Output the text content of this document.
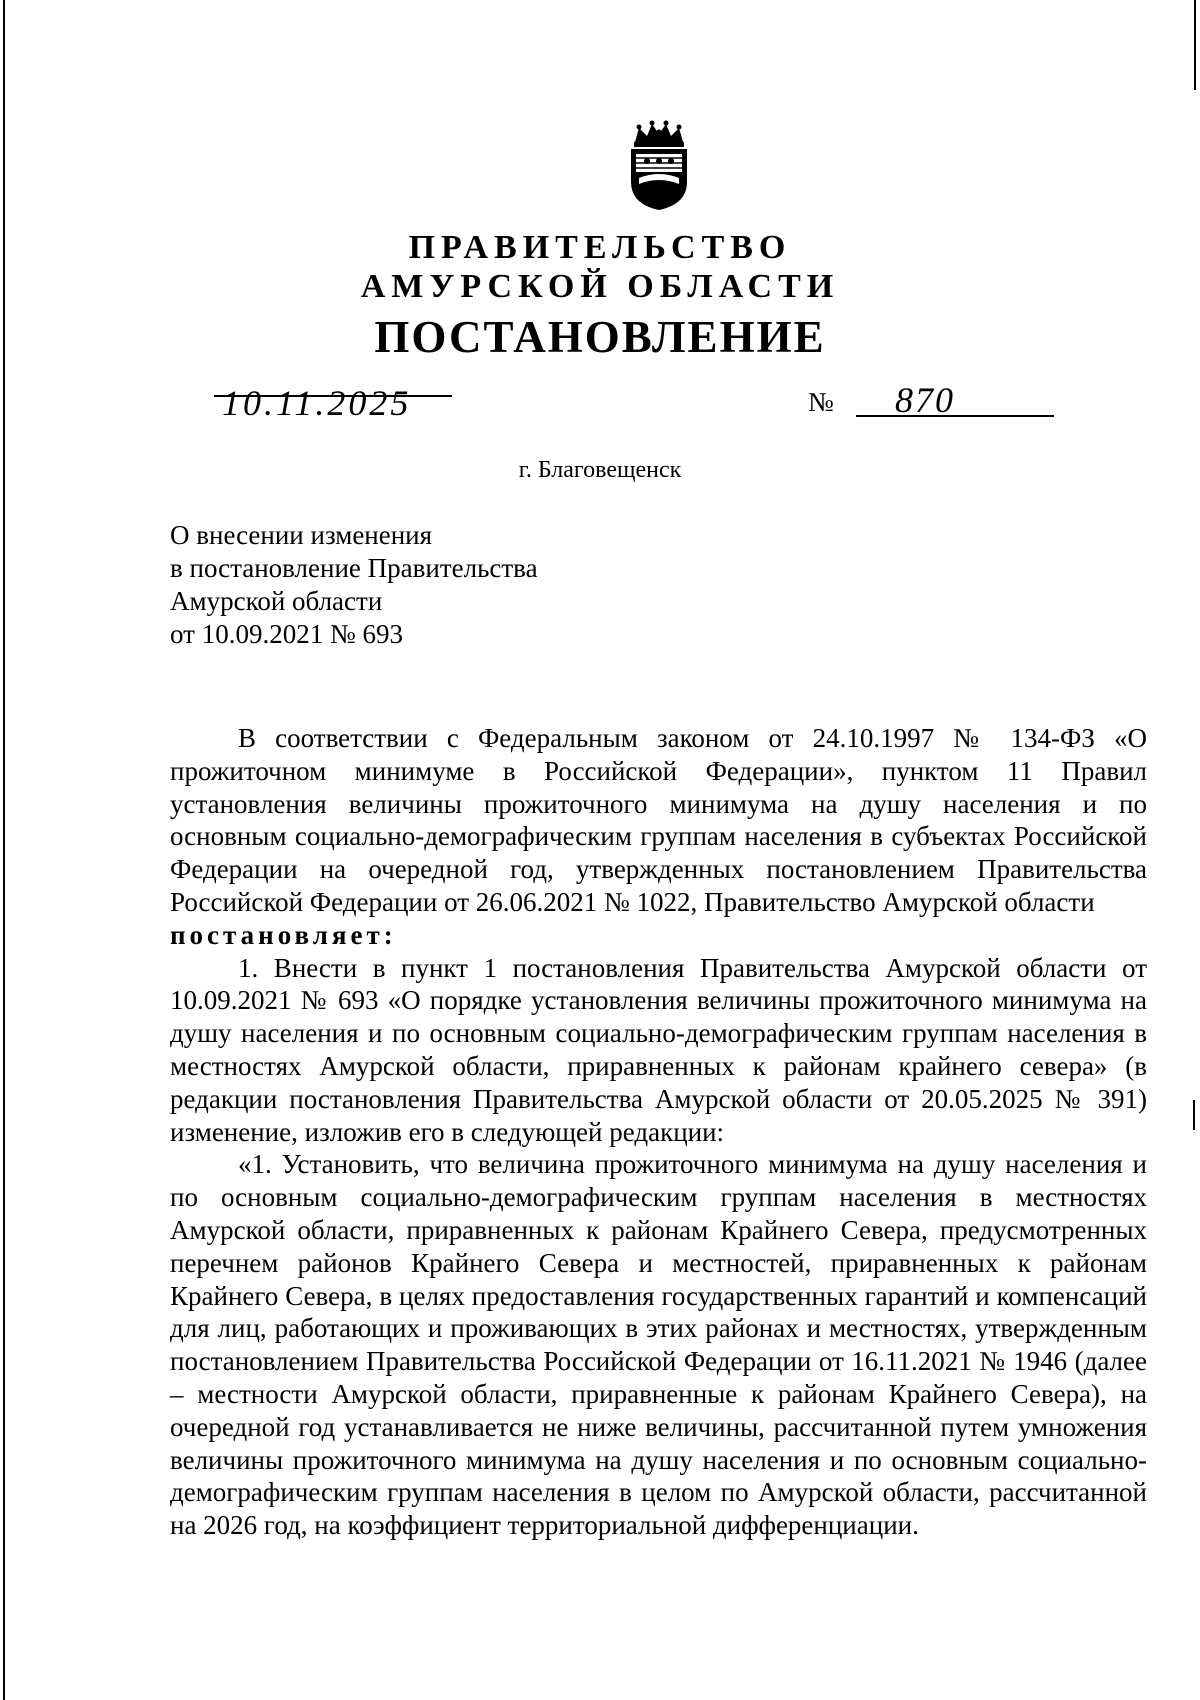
ПРАВИТЕЛЬСТВО
АМУРСКОЙ ОБЛАСТИ
ПОСТАНОВЛЕНИЕ
10.11.2025	№ 870
г. Благовещенск
О внесении изменения
в постановление Правительства
Амурской области
от 10.09.2021 № 693

В соответствии с Федеральным законом от 24.10.1997 № 134-ФЗ «О прожиточном минимуме в Российской Федерации», пунктом 11 Правил установления величины прожиточного минимума на душу населения и по основным социально-демографическим группам населения в субъектах Российской Федерации на очередной год, утвержденных постановлением Правительства Российской Федерации от 26.06.2021 № 1022, Правительство Амурской области

постановляет:

1. Внести в пункт 1 постановления Правительства Амурской области от 10.09.2021 № 693 «О порядке установления величины прожиточного минимума на душу населения и по основным социально-демографическим группам населения в местностях Амурской области, приравненных к районам крайнего севера» (в редакции постановления Правительства Амурской области от 20.05.2025 № 391) изменение, изложив его в следующей редакции:

«1. Установить, что величина прожиточного минимума на душу населения и по основным социально-демографическим группам населения в местностях Амурской области, приравненных к районам Крайнего Севера, предусмотренных перечнем районов Крайнего Севера и местностей, приравненных к районам Крайнего Севера, в целях предоставления государственных гарантий и компенсаций для лиц, работающих и проживающих в этих районах и местностях, утвержденным постановлением Правительства Российской Федерации от 16.11.2021 № 1946 (далее – местности Амурской области, приравненные к районам Крайнего Севера), на очередной год устанавливается не ниже величины, рассчитанной путем умножения величины прожиточного минимума на душу населения и по основным социально-демографическим группам населения в целом по Амурской области, рассчитанной на 2026 год, на коэффициент территориальной дифференциации.
